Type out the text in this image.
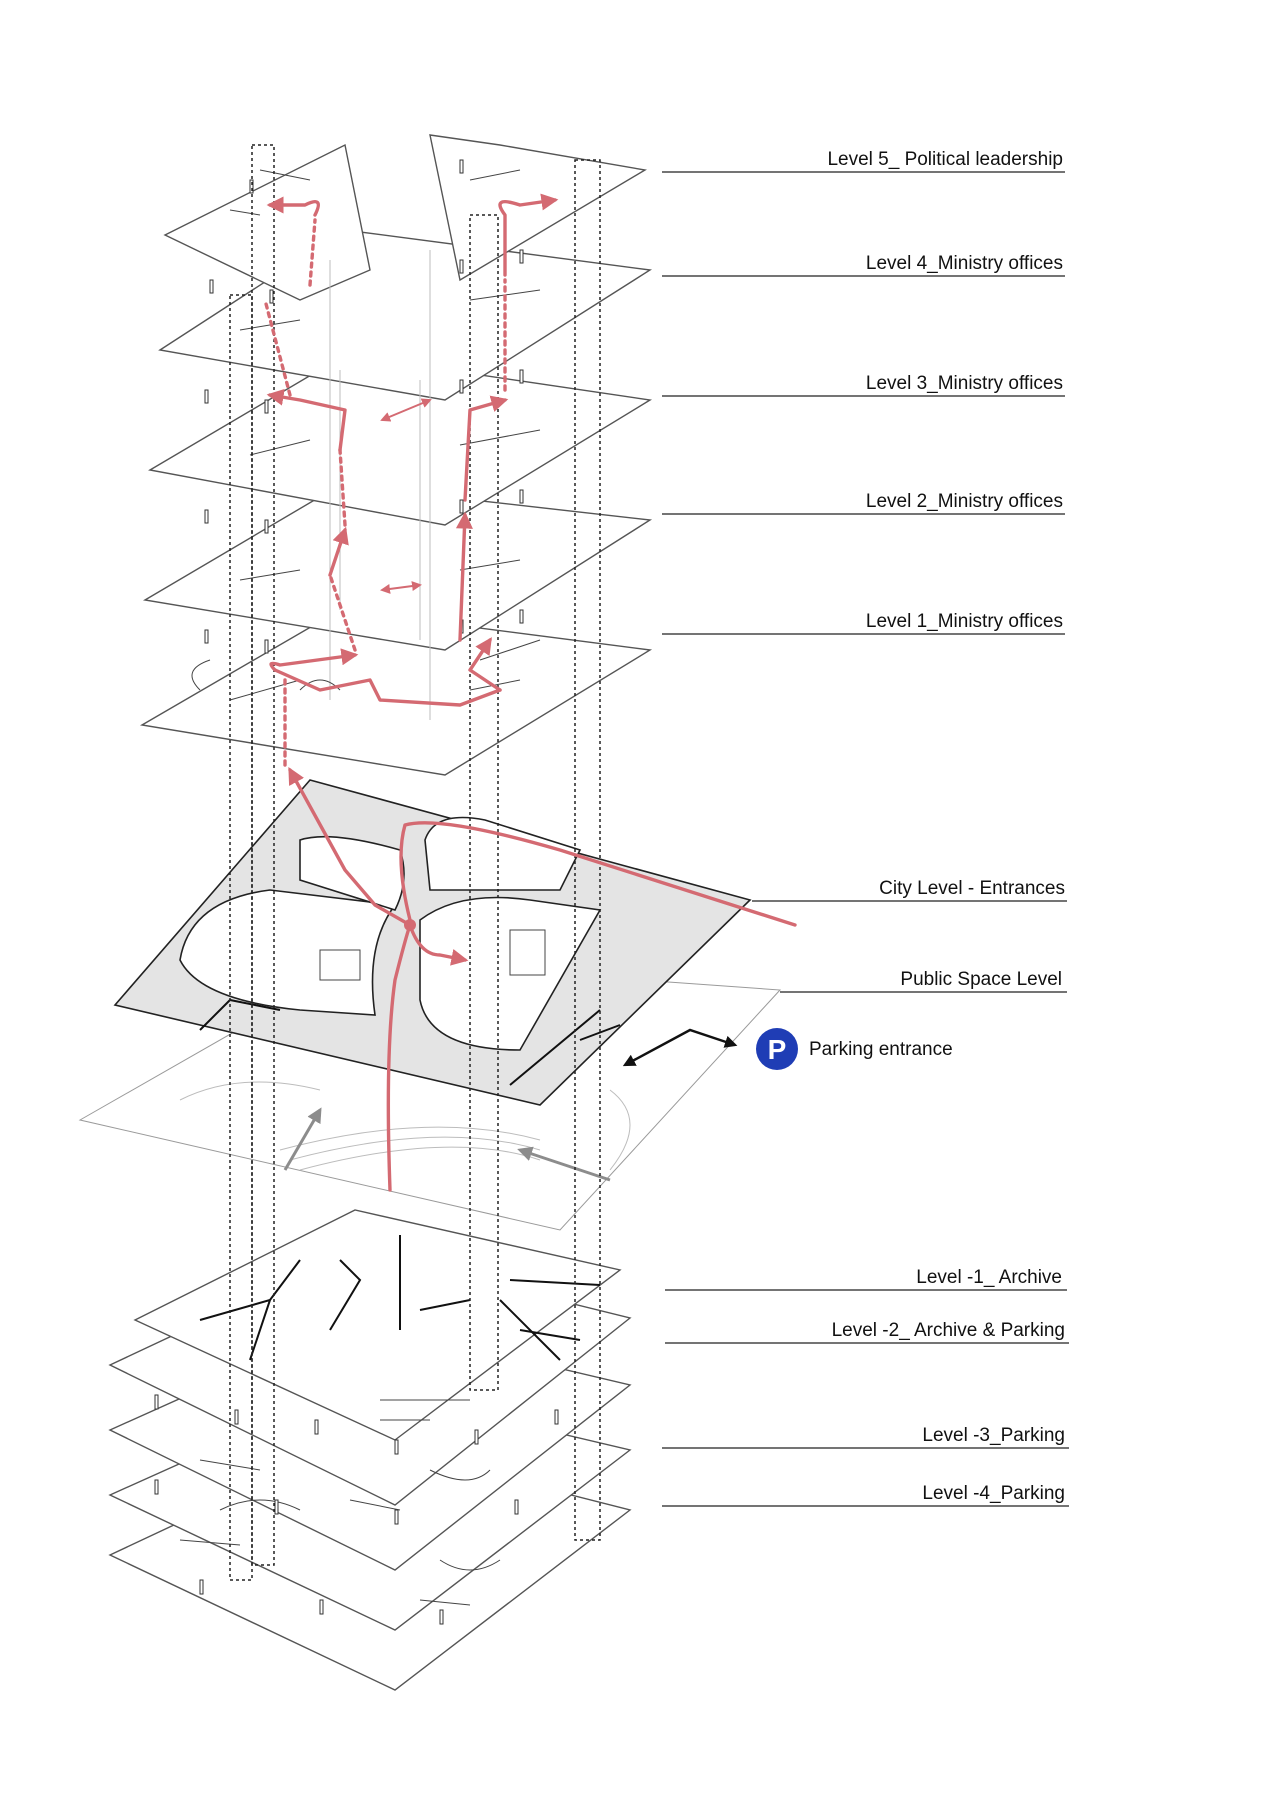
P Parking entrance
Level 5_ Political leadership
Level 4_Ministry offices
Level 3_Ministry offices
Level 2_Ministry offices
Level 1_Ministry offices
City Level - Entrances
Public Space Level
Level -1_ Archive
Level -2_ Archive & Parking
Level -3_Parking
Level -4_Parking
